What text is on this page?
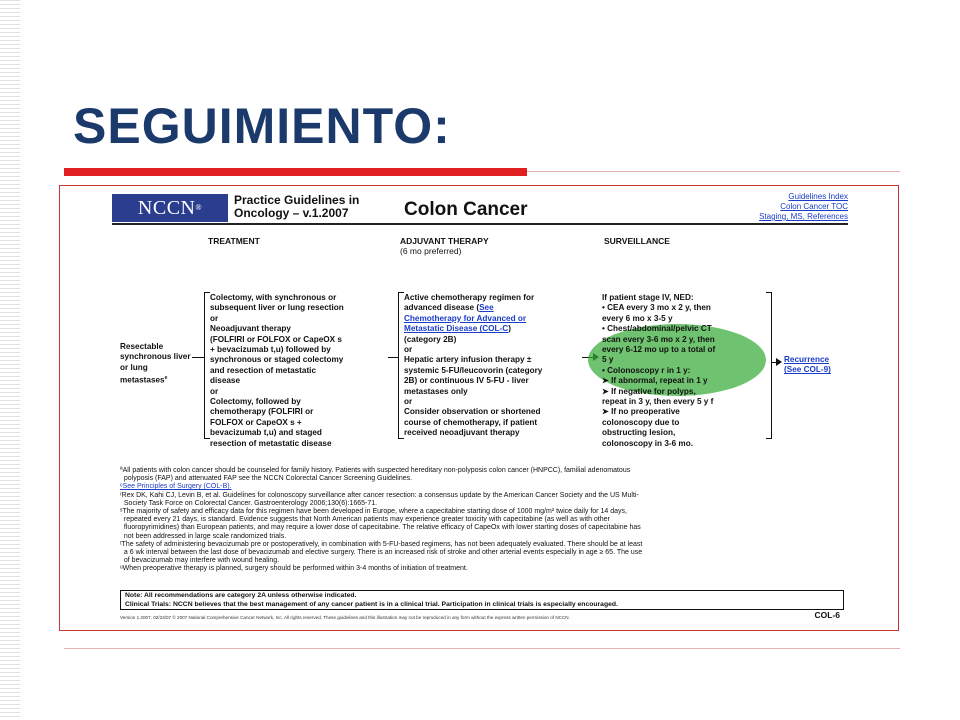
SEGUIMIENTO:
NCCN®
Practice Guidelines in Oncology – v.1.2007	Colon Cancer
Guidelines Index
Colon Cancer TOC
Staging, MS, References
TREATMENT	ADJUVANT THERAPY
(6 mo preferred)
SURVEILLANCE
Resectable synchronous liver or lung metastases$^e$
Colectomy, with synchronous or
subsequent liver or lung resection
or
Neoadjuvant therapy
(FOLFIRI or FOLFOX or CapeOX s
+ bevacizumab t,u) followed by
synchronous or staged colectomy
and resection of metastatic
disease
or
Colectomy, followed by
chemotherapy (FOLFIRI or
FOLFOX or CapeOX s +
bevacizumab t,u) and staged
resection of metastatic disease
Active chemotherapy regimen for
advanced disease (See
Chemotherapy for Advanced or
Metastatic Disease (COL-C)
(category 2B)
or
Hepatic artery infusion therapy ±
systemic 5-FU/leucovorin (category
2B) or continuous IV 5-FU - liver
metastases only
or
Consider observation or shortened
course of chemotherapy, if patient
received neoadjuvant therapy
If patient stage IV, NED:
• CEA every 3 mo x 2 y, then
every 6 mo x 3-5 y
• Chest/abdominal/pelvic CT
scan every 3-6 mo x 2 y, then
every 6-12 mo up to a total of
5 y
• Colonoscopy r in 1 y:
➤ If abnormal, repeat in 1 y
➤ If negative for polyps,
repeat in 3 y, then every 5 y f
➤ If no preoperative
colonoscopy due to
obstructing lesion,
colonoscopy in 3-6 mo.
Recurrence
(See COL-9)
ªAll patients with colon cancer should be counseled for family history. Patients with suspected hereditary non-polyposis colon cancer (HNPCC), familial adenomatous
polyposis (FAP) and attenuated FAP see the NCCN Colorectal Cancer Screening Guidelines.
ᵉSee Principles of Surgery (COL-B).
ʳRex DK, Kahi CJ, Levin B, et al. Guidelines for colonoscopy surveillance after cancer resection: a consensus update by the American Cancer Society and the US Multi-
Society Task Force on Colorectal Cancer. Gastroenterology 2006;130(6):1665-71.
ˢThe majority of safety and efficacy data for this regimen have been developed in Europe, where a capecitabine starting dose of 1000 mg/m² twice daily for 14 days,
repeated every 21 days, is standard. Evidence suggests that North American patients may experience greater toxicity with capecitabine (as well as with other
fluoropyrimidines) than European patients, and may require a lower dose of capecitabine. The relative efficacy of CapeOx with lower starting doses of capecitabine has
not been addressed in large scale randomized trials.
ᵗThe safety of administering bevacizumab pre or postoperatively, in combination with 5-FU-based regimens, has not been adequately evaluated. There should be at least
a 6 wk interval between the last dose of bevacizumab and elective surgery. There is an increased risk of stroke and other arterial events especially in age ≥ 65. The use
of bevacizumab may interfere with wound healing.
ᵘWhen preoperative therapy is planned, surgery should be performed within 3-4 months of initiation of treatment.
Note: All recommendations are category 2A unless otherwise indicated.
Clinical Trials: NCCN believes that the best management of any cancer patient is in a clinical trial. Participation in clinical trials is especially encouraged.
Version 1.2007, 02/23/07 © 2007 National Comprehensive Cancer Network, Inc. All rights reserved. These guidelines and this illustration may not be reproduced in any form without the express written permission of NCCN.	COL-6
